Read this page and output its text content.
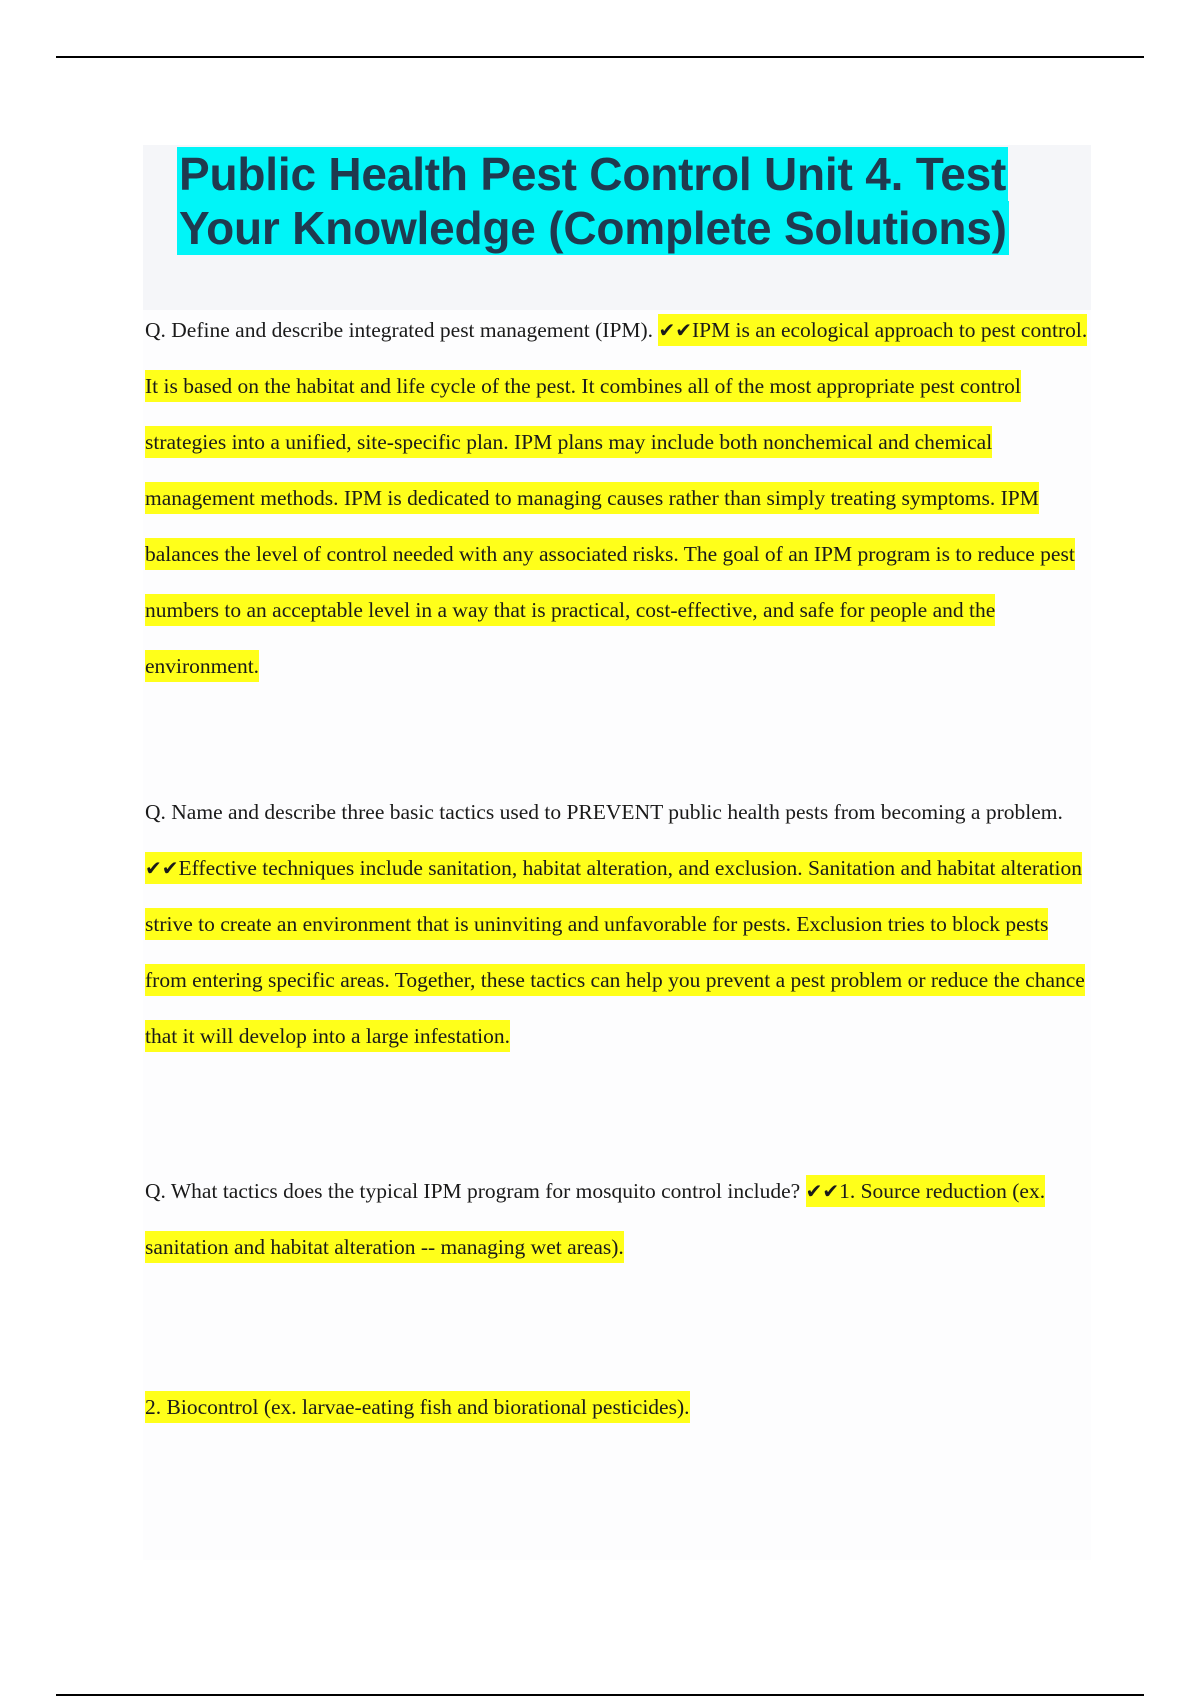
Public Health Pest Control Unit 4. Test Your Knowledge (Complete Solutions)

Q. Define and describe integrated pest management (IPM). ✔✔IPM is an ecological approach to pest control. It is based on the habitat and life cycle of the pest. It combines all of the most appropriate pest control strategies into a unified, site-specific plan. IPM plans may include both nonchemical and chemical management methods. IPM is dedicated to managing causes rather than simply treating symptoms. IPM balances the level of control needed with any associated risks. The goal of an IPM program is to reduce pest numbers to an acceptable level in a way that is practical, cost-effective, and safe for people and the environment.

Q. Name and describe three basic tactics used to PREVENT public health pests from becoming a problem. ✔✔Effective techniques include sanitation, habitat alteration, and exclusion. Sanitation and habitat alteration strive to create an environment that is uninviting and unfavorable for pests. Exclusion tries to block pests from entering specific areas. Together, these tactics can help you prevent a pest problem or reduce the chance that it will develop into a large infestation.

Q. What tactics does the typical IPM program for mosquito control include? ✔✔1. Source reduction (ex. sanitation and habitat alteration -- managing wet areas).

2. Biocontrol (ex. larvae-eating fish and biorational pesticides).
